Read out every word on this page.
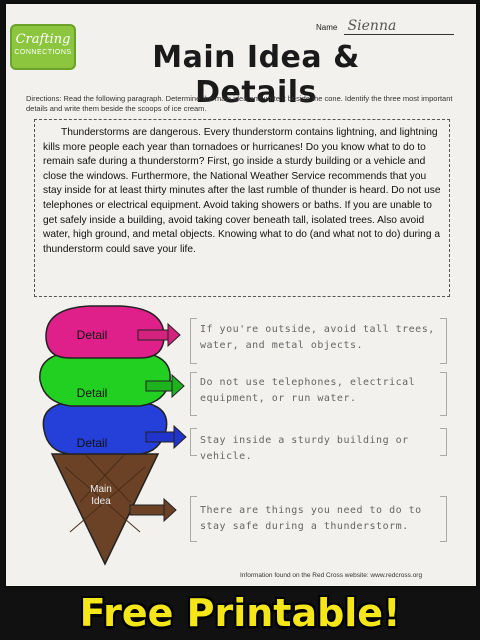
Crafting
CONNECTIONS
Name Sienna
Main Idea & Details
Directions: Read the following paragraph. Determine the main idea and write it beside the cone. Identify the three most important details and write them beside the scoops of ice cream.

Thunderstorms are dangerous. Every thunderstorm contains lightning, and lightning kills more people each year than tornadoes or hurricanes! Do you know what to do to remain safe during a thunderstorm? First, go inside a sturdy building or a vehicle and close the windows. Furthermore, the National Weather Service recommends that you stay inside for at least thirty minutes after the last rumble of thunder is heard. Do not use telephones or electrical equipment. Avoid taking showers or baths. If you are unable to get safely inside a building, avoid taking cover beneath tall, isolated trees. Also avoid water, high ground, and metal objects. Knowing what to do (and what not to do) during a thunderstorm could save your life.

Detail
Detail
Detail
Main
Idea
If you're outside, avoid tall trees, water, and metal objects.
Do not use telephones, electrical equipment, or run water.
Stay inside a sturdy building or vehicle.
There are things you need to do to stay safe during a thunderstorm.
Information found on the Red Cross website: www.redcross.org
Free Printable!
